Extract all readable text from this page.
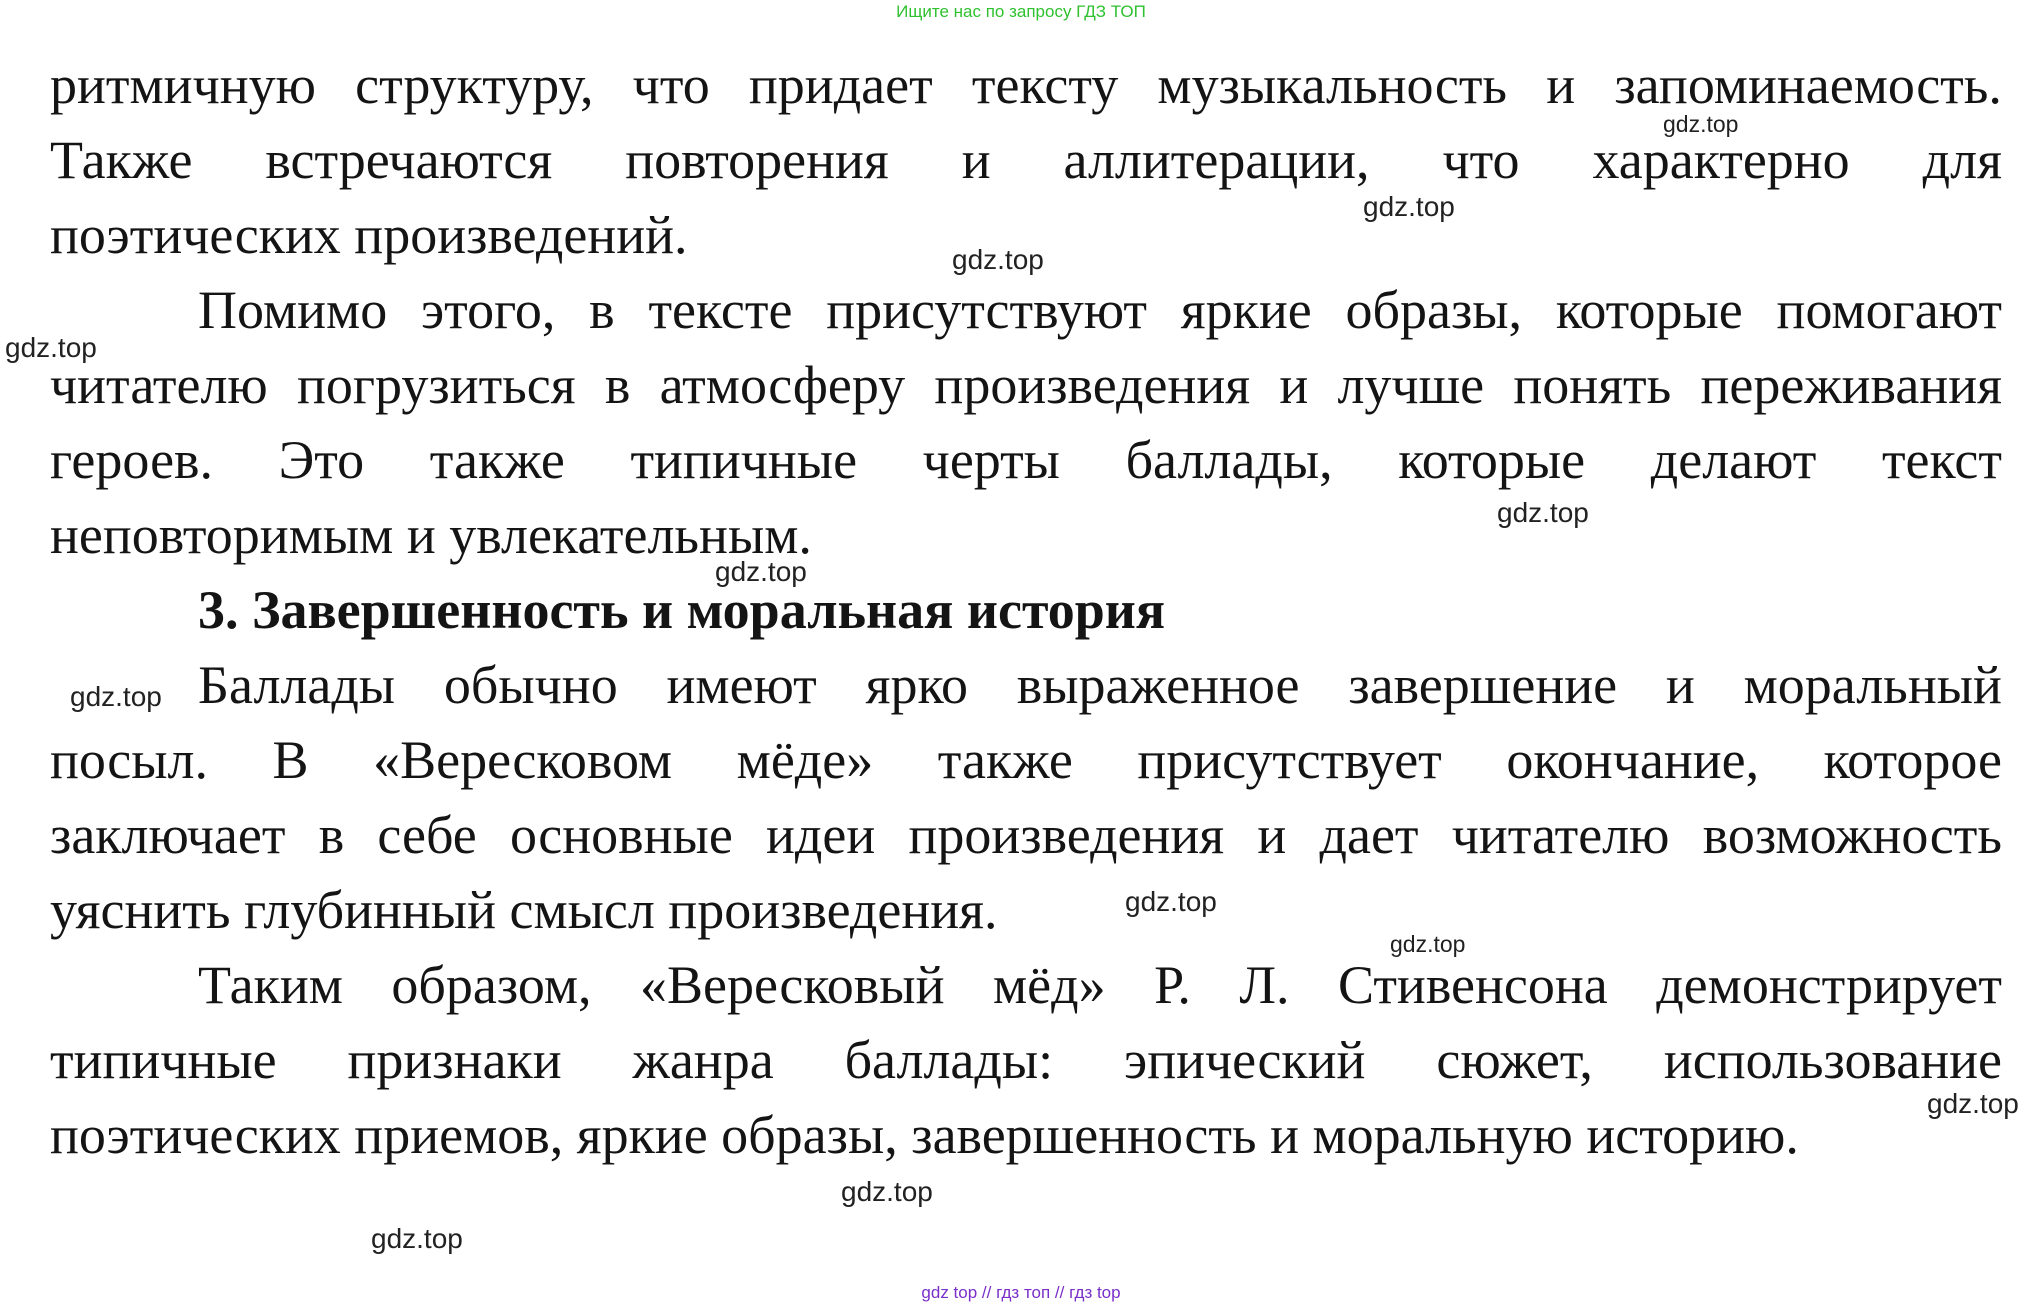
Ищите нас по запросу ГДЗ ТОП
ритмичную структуру, что придает тексту музыкальность и запоминаемость.
Также встречаются повторения и аллитерации, что характерно для
поэтических произведений.
Помимо этого, в тексте присутствуют яркие образы, которые помогают
читателю погрузиться в атмосферу произведения и лучше понять переживания
героев. Это также типичные черты баллады, которые делают текст
неповторимым и увлекательным.
3. Завершенность и моральная история
Баллады обычно имеют ярко выраженное завершение и моральный
посыл. В «Вересковом мёде» также присутствует окончание, которое
заключает в себе основные идеи произведения и дает читателю возможность
уяснить глубинный смысл произведения.
Таким образом, «Вересковый мёд» Р. Л. Стивенсона демонстрирует
типичные признаки жанра баллады: эпический сюжет, использование
поэтических приемов, яркие образы, завершенность и моральную историю.
gdz.top
gdz.top
gdz.top
gdz.top
gdz.top
gdz.top
gdz.top
gdz.top
gdz.top
gdz.top
gdz.top
gdz.top
gdz top // гдз топ // гдз top
